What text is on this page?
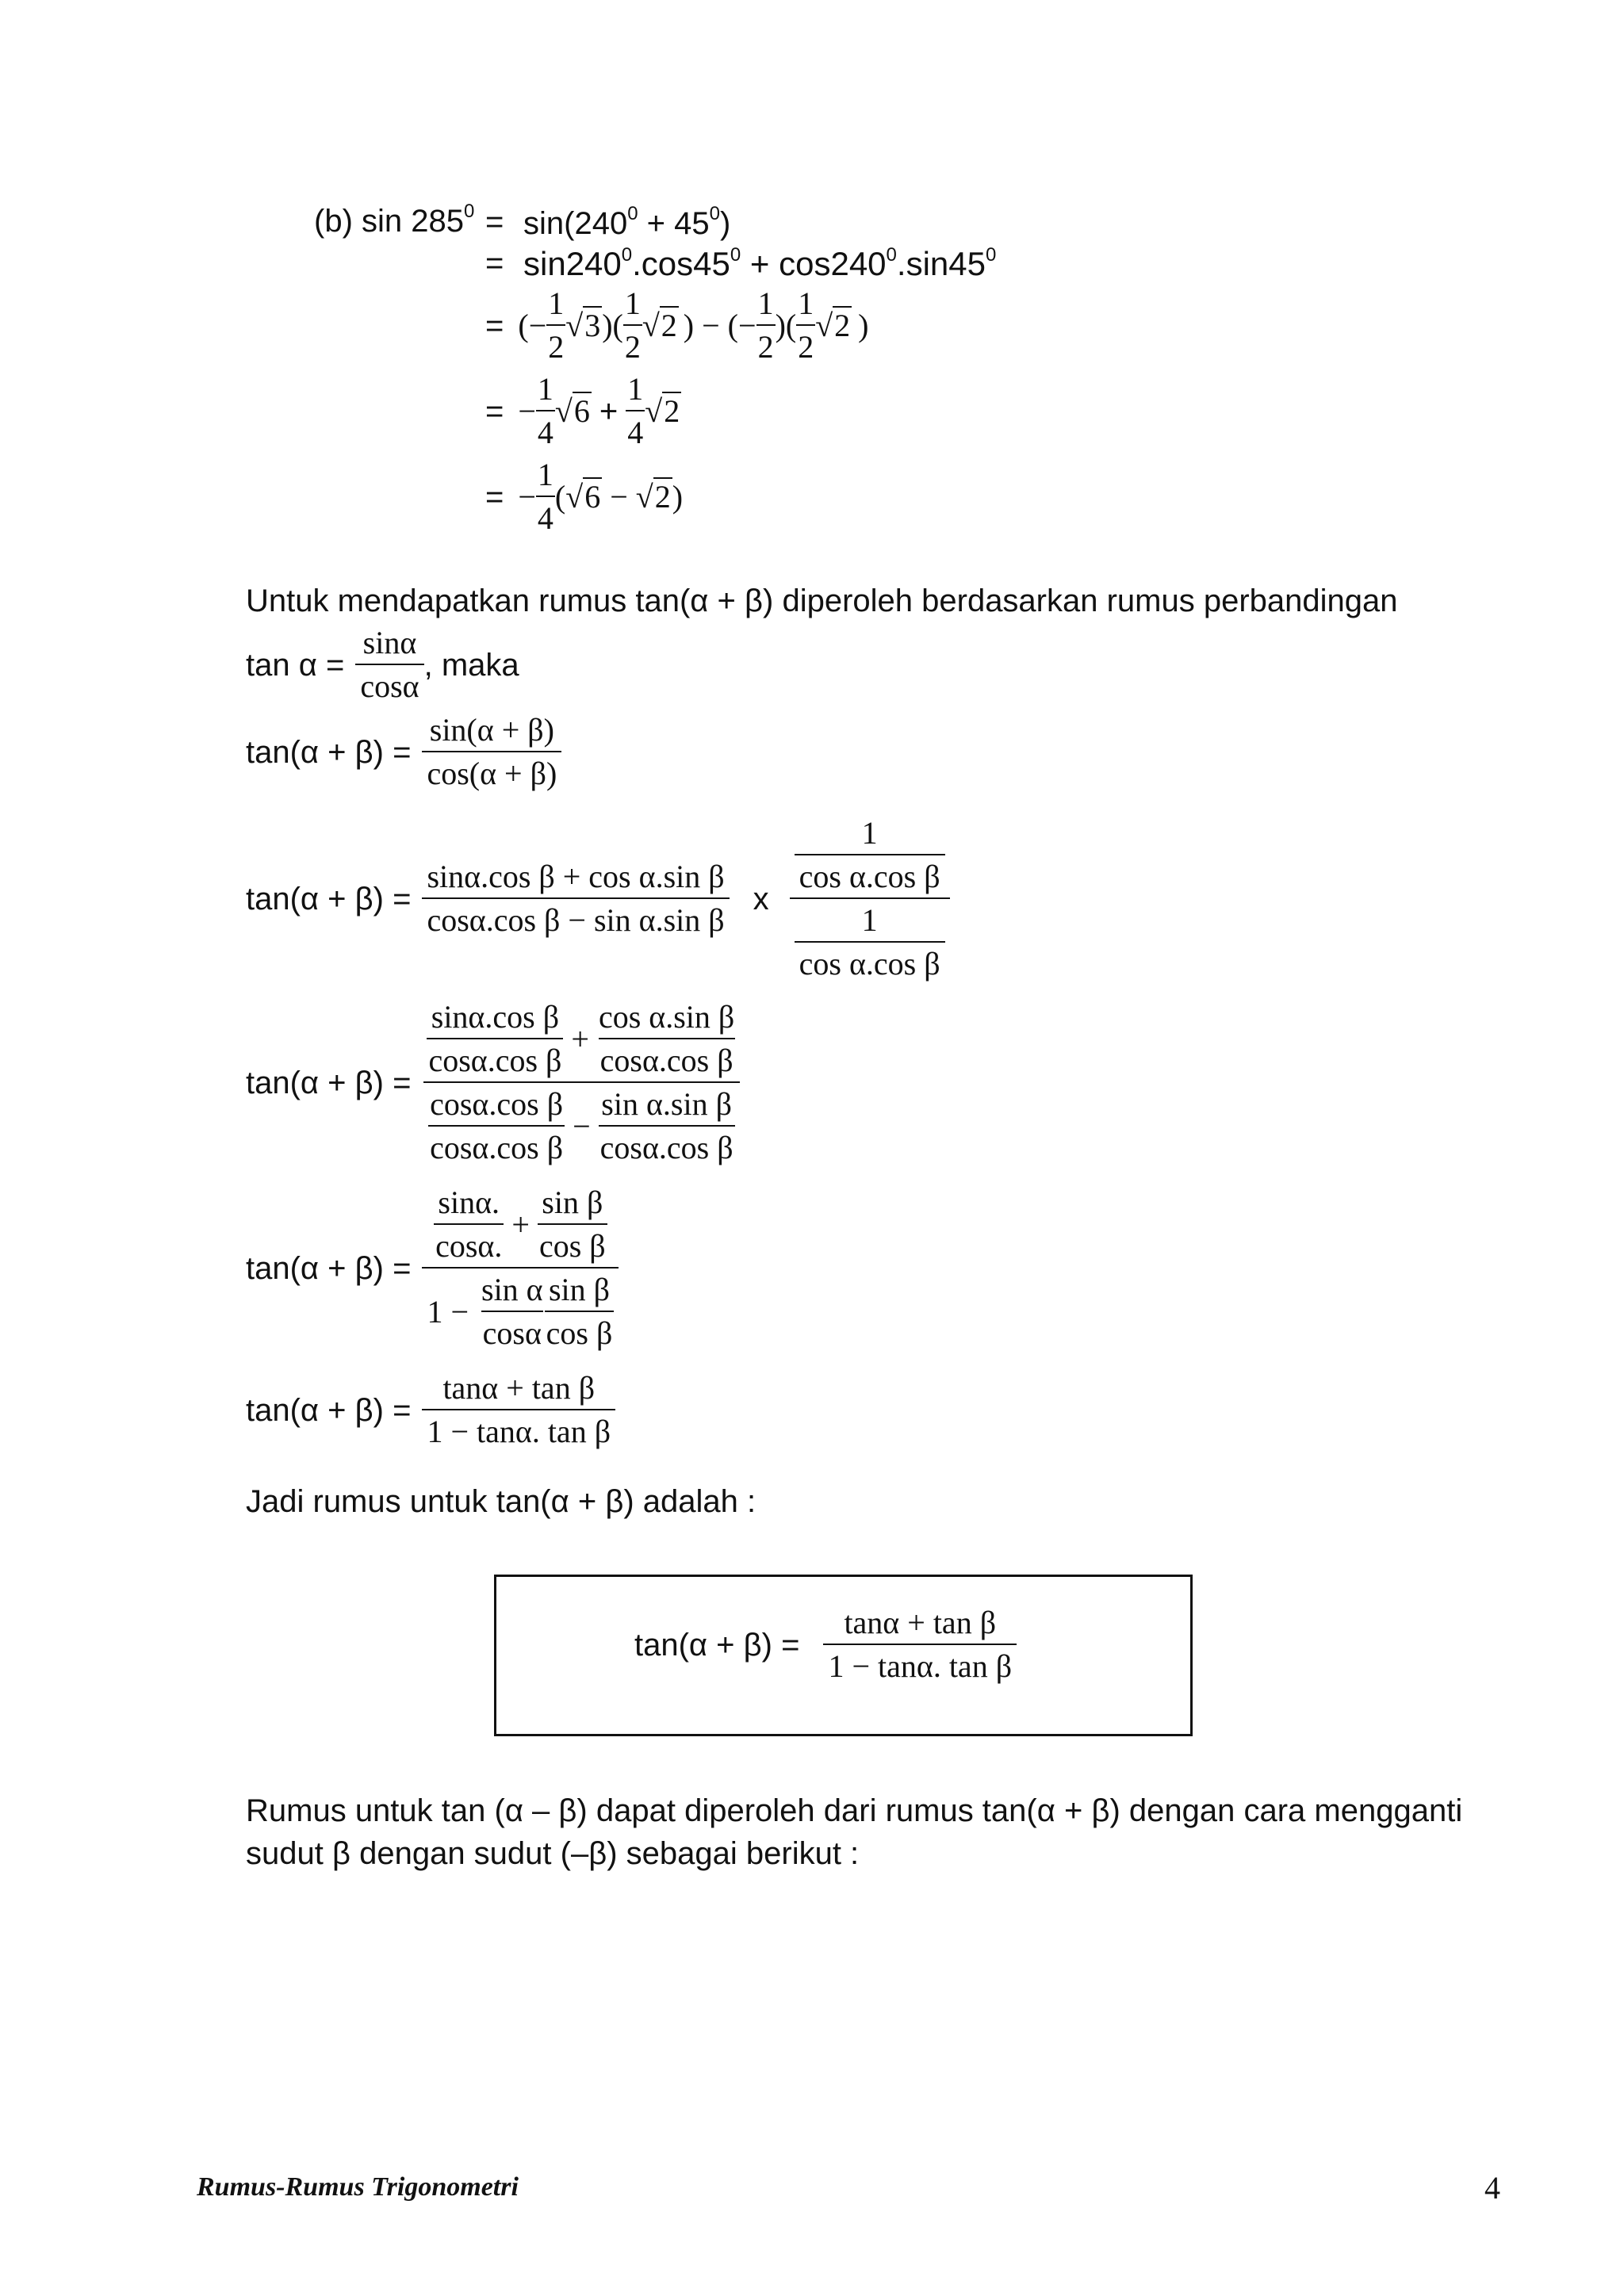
(b) $\sin 285^0 = \sin(240^0 + 45^0)$
= $\sin 240^0.\cos 45^0 + \cos 240^0.\sin 45^0$
= ( − $\frac{1}{2} √3$ )( $\frac{1}{2} √2$ ) − ( − $\frac{1}{2}$ )( $\frac{1}{2} √2$ )
= − $\frac{1}{4} √6 + \frac{1}{4} √2$
= − $\frac{1}{4}$ ( √6 − √2 )
Untuk mendapatkan rumus tan(α + β) diperoleh berdasarkan rumus perbandingan
$\tan \alpha = \frac{\sin\alpha}{\cos\alpha}$ , maka
$\tan(\alpha + \beta) = \frac{\sin(\alpha + \beta)}{\cos(\alpha + \beta)}$
$\tan(\alpha + \beta) = \frac{\text{sinα.cos β + cos α.sin β}}{\text{cosα.cos β − sin α.sin β}}$ x $\frac{\frac{1}{\text{cos α.cos β}}}{\frac{1}{\text{cos α.cos β}}}$
$\tan(\alpha + \beta) = \frac{\frac{\text{sinα.cos β}}{\text{cosα.cos β}} + \frac{\text{cos α.sin β}}{\text{cosα.cos β}}}{\frac{\text{cosα.cos β}}{\text{cosα.cos β}} - \frac{\text{sin α.sin β}}{\text{cosα.cos β}}}$
$\tan(\alpha + \beta) = \frac{\frac{\sin\alpha.}{\cos\alpha.} + \frac{\text{sin β}}{\text{cos β}}}{1 - \frac{\text{sin α}}{\cos\alpha} \frac{\text{sin β}}{\text{cos β}}}$
$\tan(\alpha + \beta) = \frac{\text{tanα + tan β}}{\text{1 − tanα. tan β}}$
Jadi rumus untuk tan(α + β) adalah :
$\tan(\alpha + \beta) = \frac{\text{tanα + tan β}}{\text{1 − tanα. tan β}}$
Rumus untuk tan (α – β) dapat diperoleh dari rumus tan(α + β) dengan cara mengganti
sudut β dengan sudut (–β) sebagai berikut :
Rumus-Rumus Trigonometri	4
